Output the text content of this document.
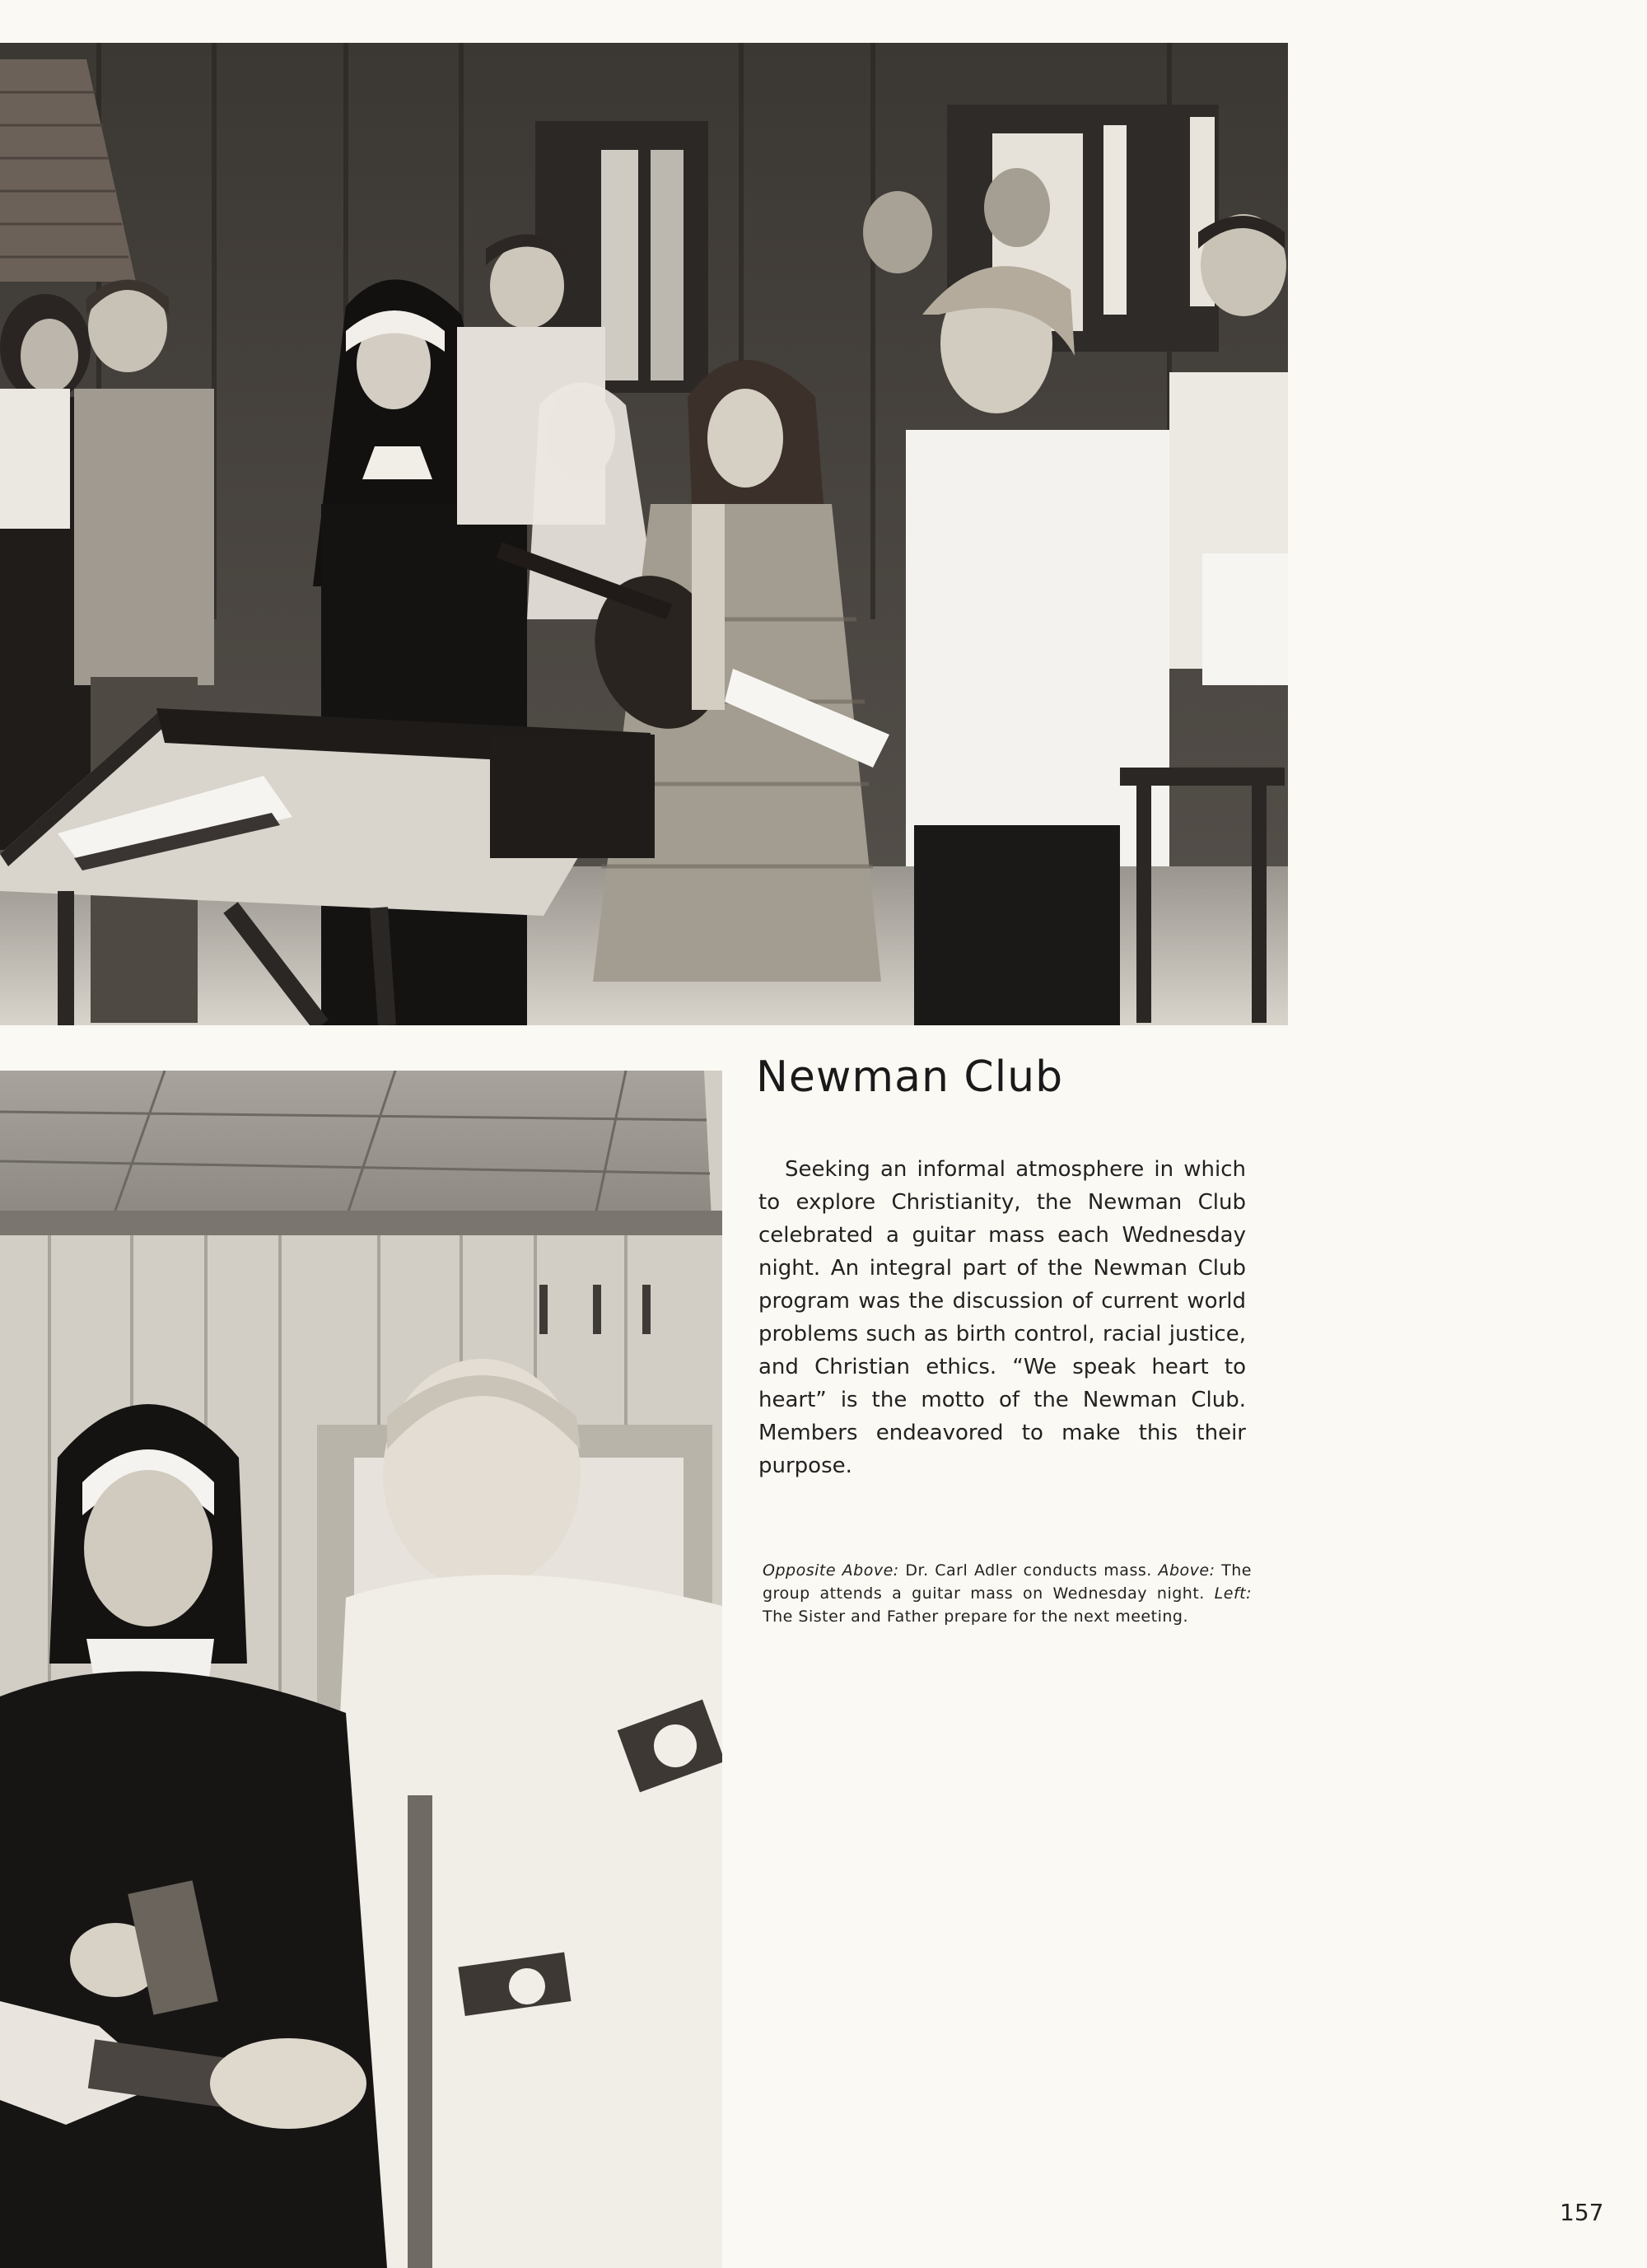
Newman Club

Seeking an informal atmosphere in which to explore Christianity, the Newman Club celebrated a guitar mass each Wednesday night. An integral part of the Newman Club program was the discussion of current world problems such as birth control, racial justice, and Christian ethics. “We speak heart to heart” is the motto of the Newman Club. Members endeavored to make this their purpose.

Opposite Above: Dr. Carl Adler conducts mass. Above: The group attends a guitar mass on Wednesday night. Left: The Sister and Father prepare for the next meeting.

157
